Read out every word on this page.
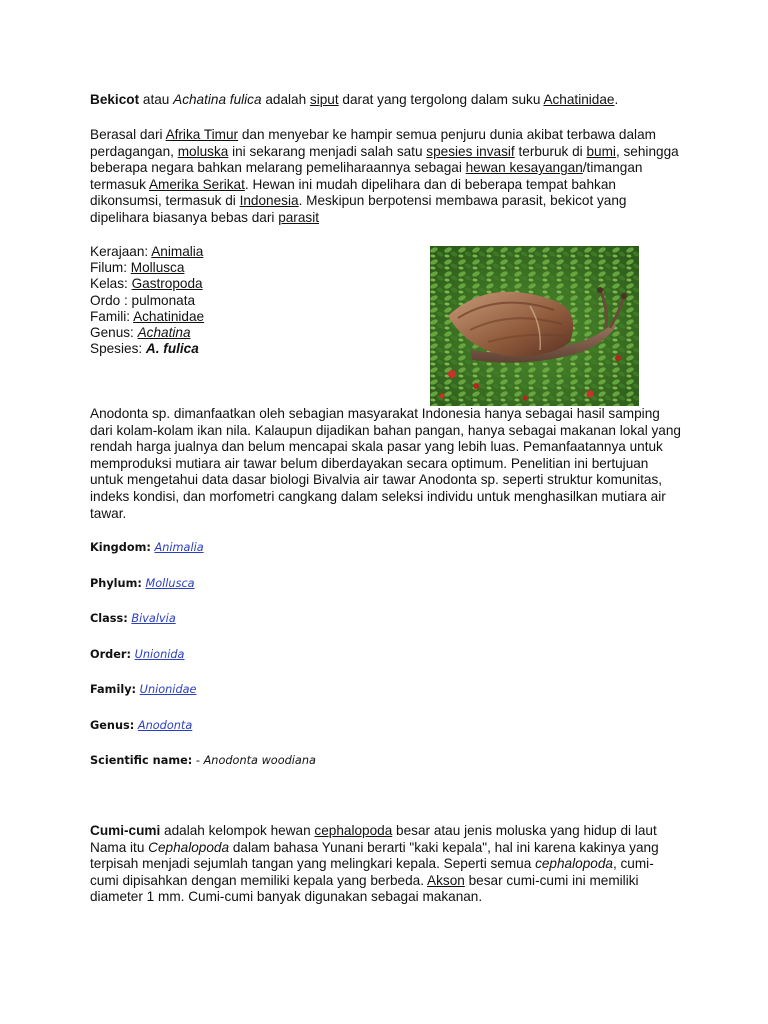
Bekicot atau Achatina fulica adalah siput darat yang tergolong dalam suku Achatinidae.
Berasal dari Afrika Timur dan menyebar ke hampir semua penjuru dunia akibat terbawa dalam perdagangan, moluska ini sekarang menjadi salah satu spesies invasif terburuk di bumi, sehingga beberapa negara bahkan melarang pemeliharaannya sebagai hewan kesayangan/timangan termasuk Amerika Serikat. Hewan ini mudah dipelihara dan di beberapa tempat bahkan dikonsumsi, termasuk di Indonesia. Meskipun berpotensi membawa parasit, bekicot yang dipelihara biasanya bebas dari parasit
Kerajaan: Animalia
Filum: Mollusca
Kelas: Gastropoda
Ordo : pulmonata
Famili: Achatinidae
Genus: Achatina
Spesies: A. fulica
Anodonta sp. dimanfaatkan oleh sebagian masyarakat Indonesia hanya sebagai hasil samping dari kolam-kolam ikan nila. Kalaupun dijadikan bahan pangan, hanya sebagai makanan lokal yang rendah harga jualnya dan belum mencapai skala pasar yang lebih luas. Pemanfaatannya untuk memproduksi mutiara air tawar belum diberdayakan secara optimum. Penelitian ini bertujuan untuk mengetahui data dasar biologi Bivalvia air tawar Anodonta sp. seperti struktur komunitas, indeks kondisi, dan morfometri cangkang dalam seleksi individu untuk menghasilkan mutiara air tawar.
Kingdom: Animalia
Phylum: Mollusca
Class: Bivalvia
Order: Unionida
Family: Unionidae
Genus: Anodonta
Scientific name: - Anodonta woodiana
Cumi-cumi adalah kelompok hewan cephalopoda besar atau jenis moluska yang hidup di laut Nama itu Cephalopoda dalam bahasa Yunani berarti "kaki kepala", hal ini karena kakinya yang terpisah menjadi sejumlah tangan yang melingkari kepala. Seperti semua cephalopoda, cumi-cumi dipisahkan dengan memiliki kepala yang berbeda. Akson besar cumi-cumi ini memiliki diameter 1 mm. Cumi-cumi banyak digunakan sebagai makanan.
